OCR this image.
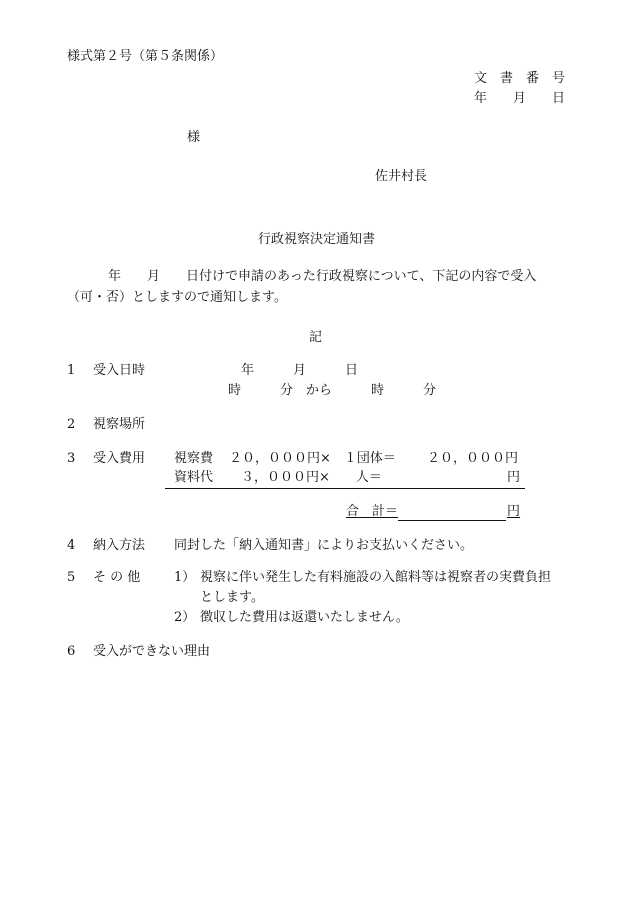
様式第２号（第５条関係）
文　書　番　号
年　　月　　日
様
佐井村長
行政視察決定通知書
年　　月　　日付けで申請のあった行政視察について、下記の内容で受入
（可・否）としますので通知します。
記
1 受入日時	年　　　月　　　日
時　　　分　から　　　時　　　分
2 視察場所
3 受入費用 視察費 ２０，０００円×　１団体＝ ２０，０００円
資料代 ３，０００円×　　人＝	円
合　計＝	円
4 納入方法 同封した「納入通知書」によりお支払いください。
5 そ の 他	1） 視察に伴い発生した有料施設の入館料等は視察者の実費負担
とします。
2） 徴収した費用は返還いたしません。
6 受入ができない理由
